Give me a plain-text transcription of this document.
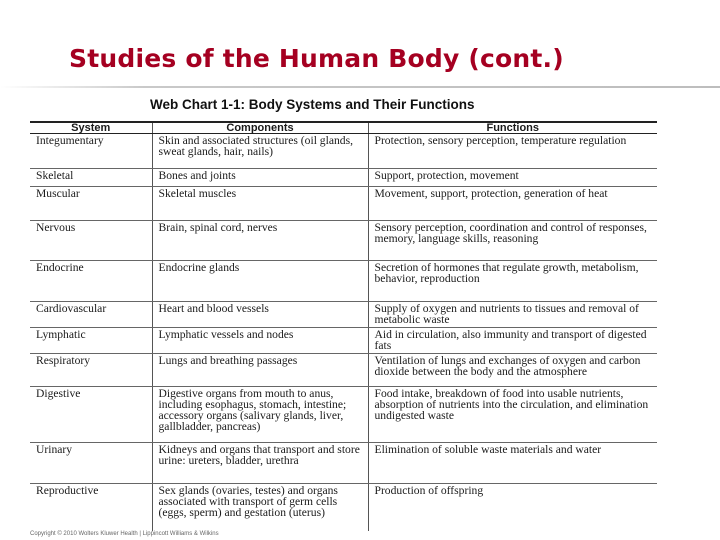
Studies of the Human Body (cont.)
Web Chart 1-1: Body Systems and Their Functions
System	Components	Functions
Integumentary	Skin and associated structures (oil glands, sweat glands, hair, nails)	Protection, sensory perception, temperature regulation
Skeletal	Bones and joints	Support, protection, movement
Muscular	Skeletal muscles	Movement, support, protection, generation of heat
Nervous	Brain, spinal cord, nerves	Sensory perception, coordination and control of responses, memory, language skills, reasoning
Endocrine	Endocrine glands	Secretion of hormones that regulate growth, metabolism, behavior, reproduction
Cardiovascular	Heart and blood vessels	Supply of oxygen and nutrients to tissues and removal of metabolic waste
Lymphatic	Lymphatic vessels and nodes	Aid in circulation, also immunity and transport of digested fats
Respiratory	Lungs and breathing passages	Ventilation of lungs and exchanges of oxygen and carbon dioxide between the body and the atmosphere
Digestive	Digestive organs from mouth to anus, including esophagus, stomach, intestine; accessory organs (salivary glands, liver, gallbladder, pancreas)	Food intake, breakdown of food into usable nutrients, absorption of nutrients into the circulation, and elimination undigested waste
Urinary	Kidneys and organs that transport and store urine: ureters, bladder, urethra	Elimination of soluble waste materials and water
Reproductive	Sex glands (ovaries, testes) and organs associated with transport of germ cells (eggs, sperm) and gestation (uterus)	Production of offspring
Copyright © 2010 Wolters Kluwer Health | Lippincott Williams & Wilkins
